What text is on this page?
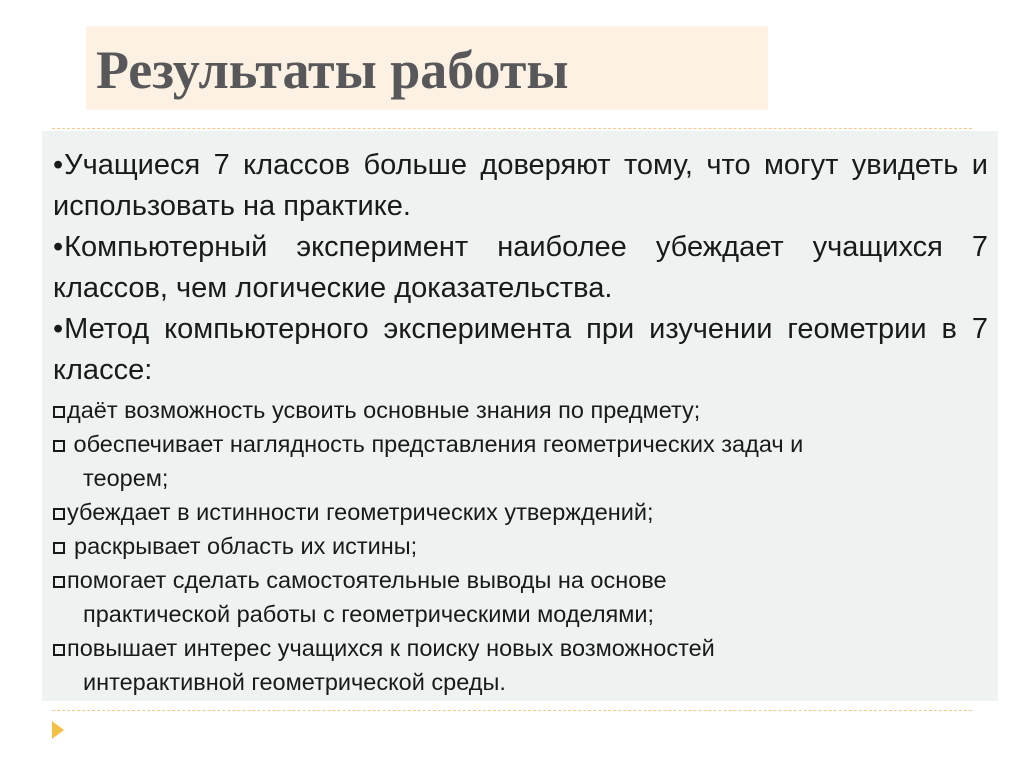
Результаты работы
•Учащиеся 7 классов больше доверяют тому, что могут увидеть и использовать на практике.
•Компьютерный эксперимент наиболее убеждает учащихся 7 классов, чем логические доказательства.
•Метод компьютерного эксперимента при изучении геометрии в 7 классе:
даёт возможность усвоить основные знания по предмету;
обеспечивает наглядность представления геометрических задач и
теорем;
убеждает в истинности геометрических утверждений;
раскрывает область их истины;
помогает сделать самостоятельные выводы на основе
практической работы с геометрическими моделями;
повышает интерес учащихся к поиску новых возможностей
интерактивной геометрической среды.
